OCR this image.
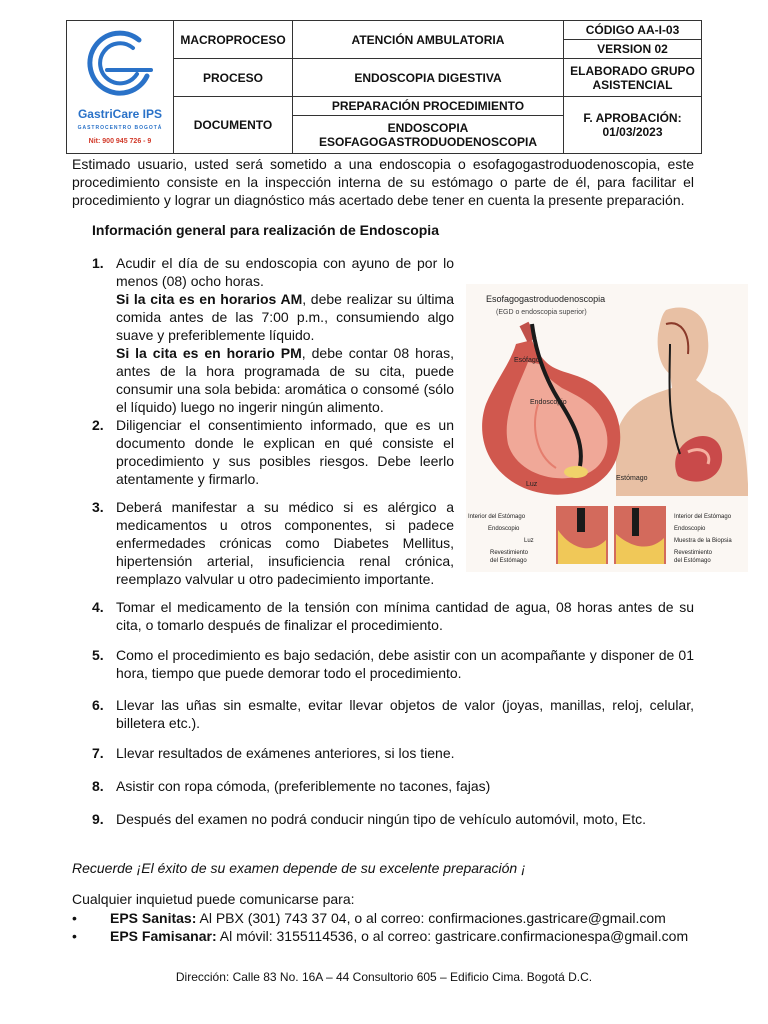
GastriCare IPS
GASTROCENTRO BOGOTÁ
Nit: 900 945 726 - 9	MACROPROCESO	ATENCIÓN AMBULATORIA	CÓDIGO AA-I-03
			VERSION 02
	PROCESO	ENDOSCOPIA DIGESTIVA	ELABORADO GRUPO ASISTENCIAL

	DOCUMENTO	PREPARACIÓN PROCEDIMIENTO	F. APROBACIÓN:
01/03/2023
		ENDOSCOPIA ESOFAGOGASTRODUODENOSCOPIA	

Estimado usuario, usted será sometido a una endoscopia o esofagogastroduodenoscopia, este procedimiento consiste en la inspección interna de su estómago o parte de él, para facilitar el procedimiento y lograr un diagnóstico más acertado debe tener en cuenta la presente preparación.

Información general para realización de Endoscopia

1. Acudir el día de su endoscopia con ayuno de por lo menos (08) ocho horas.
Si la cita es en horarios AM, debe realizar su última comida antes de las 7:00 p.m., consumiendo algo suave y preferiblemente líquido.
Si la cita es en horario PM, debe contar 08 horas, antes de la hora programada de su cita, puede consumir una sola bebida: aromática o consomé (sólo el líquido) luego no ingerir ningún alimento.
2. Diligenciar el consentimiento informado, que es un documento donde le explican en qué consiste el procedimiento y sus posibles riesgos. Debe leerlo atentamente y firmarlo.
3. Deberá manifestar a su médico si es alérgico a medicamentos u otros componentes, si padece enfermedades crónicas como Diabetes Mellitus, hipertensión arterial, insuficiencia renal crónica, reemplazo valvular u otro padecimiento importante.
4. Tomar el medicamento de la tensión con mínima cantidad de agua, 08 horas antes de su cita, o tomarlo después de finalizar el procedimiento.
5. Como el procedimiento es bajo sedación, debe asistir con un acompañante y disponer de 01 hora, tiempo que puede demorar todo el procedimiento.
6. Llevar las uñas sin esmalte, evitar llevar objetos de valor (joyas, manillas, reloj, celular, billetera etc.).
7. Llevar resultados de exámenes anteriores, si los tiene.
8. Asistir con ropa cómoda, (preferiblemente no tacones, fajas)
9. Después del examen no podrá conducir ningún tipo de vehículo automóvil, moto, Etc.
Esofagogastroduodenoscopia
(EGD o endoscopia superior)
Esófago
Endoscopio
Estómago
Luz
Interior del Estómago
Endoscopio
Luz
Revestimiento
del Estómago
Interior del Estómago
Endoscopio
Muestra de la Biopsia
Revestimiento
del Estómago

Recuerde ¡El éxito de su examen depende de su excelente preparación ¡

Cualquier inquietud puede comunicarse para:

• EPS Sanitas: Al PBX (301) 743 37 04, o al correo: confirmaciones.gastricare@gmail.com
• EPS Famisanar: Al móvil: 3155114536, o al correo: gastricare.confirmacionespa@gmail.com

Dirección: Calle 83 No. 16A – 44 Consultorio 605 – Edificio Cima. Bogotá D.C.
